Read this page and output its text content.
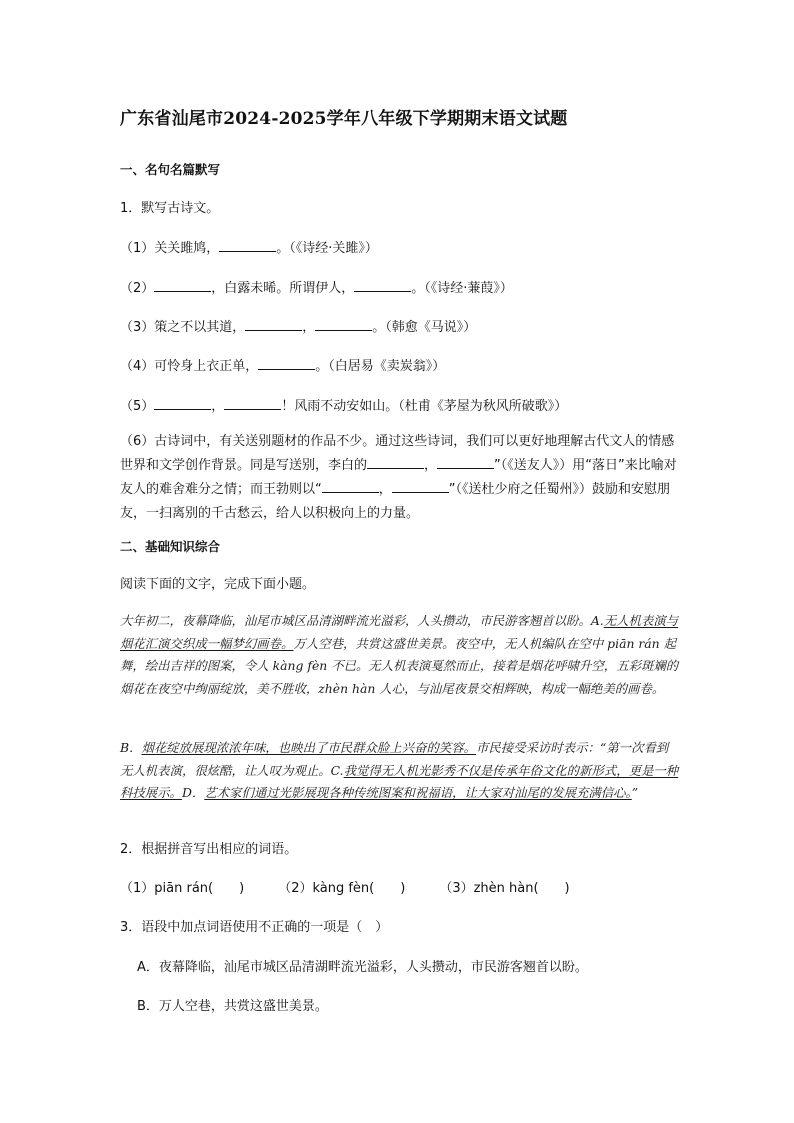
广东省汕尾市2024-2025学年八年级下学期期末语文试题
一、名句名篇默写
1．默写古诗文。
（1）关关雎鸠，	。（《诗经·关雎》）
（2）	，白露未晞。所谓伊人，	。（《诗经·蒹葭》）
（3）策之不以其道，	，	。（韩愈《马说》）
（4）可怜身上衣正单，	。（白居易《卖炭翁》）
（5）	，	！风雨不动安如山。（杜甫《茅屋为秋风所破歌》）
（6）古诗词中，有关送别题材的作品不少。通过这些诗词，我们可以更好地理解古代文人的情感世界和文学创作背景。同是写送别，李白的	，	”（《送友人》）用“落日”来比喻对友人的难舍难分之情；而王勃则以“	，	”（《送杜少府之任蜀州》）鼓励和安慰朋友，一扫离别的千古愁云，给人以积极向上的力量。
二、基础知识综合
阅读下面的文字，完成下面小题。
大年初二，夜幕降临，汕尾市城区品清湖畔流光溢彩，人头攒动，市民游客翘首以盼。A.无人机表演与烟花汇演交织成一幅梦幻画卷。万人空巷，共赏这盛世美景。夜空中，无人机编队在空中 piān rán 起舞，绘出吉祥的图案，令人 kàng fèn 不已。无人机表演戛然而止，接着是烟花呼啸升空，五彩斑斓的烟花在夜空中绚丽绽放，美不胜收，zhèn hàn 人心，与汕尾夜景交相辉映，构成一幅绝美的画卷。
B．烟花绽放展现浓浓年味，也映出了市民群众脸上兴奋的笑容。市民接受采访时表示：“第一次看到无人机表演，很炫酷，让人叹为观止。C.我觉得无人机光影秀不仅是传承年俗文化的新形式，更是一种科技展示。D．艺术家们通过光影展现各种传统图案和祝福语，让大家对汕尾的发展充满信心。”
2．根据拼音写出相应的词语。
（1）piān rán( )	（2）kàng fèn( )	（3）zhèn hàn( )
3．语段中加点词语使用不正确的一项是（　）
A．夜幕降临，汕尾市城区品清湖畔流光溢彩，人头攒动，市民游客翘首以盼。
B．万人空巷，共赏这盛世美景。
